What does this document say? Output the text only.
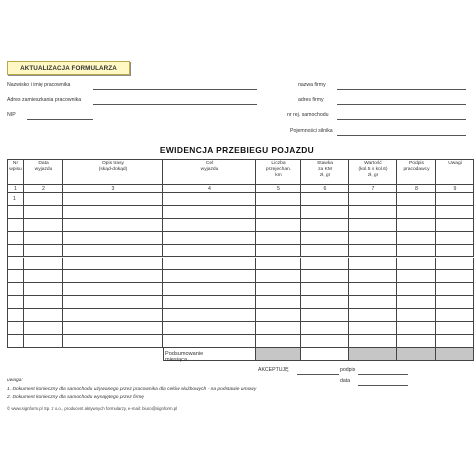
AKTUALIZACJA FORMULARZA
Nazwisko i imię pracownika
Adres zamieszkania pracownika
NIP
nazwa firmy
adres firmy
nr rej. samochodu
Pojemności silnika
EWIDENCJA PRZEBIEGU POJAZDU
Nr
wpisu
1
Data
wyjazdu
2
Opis trasy
(skąd-dokąd)
3
Cel
wyjazdu
4
Liczba
przejechan.
km
5
Stawka
za KM
zł, gr
6
Wartość
(kol.5 x kol.6)
zł, gr
7
Podpis
pracodawcy
8
Uwagi
9
1
Podsumowanie miesiąca
AKCEPTUJĘ	podpis
data
uwaga:
1. Dokument konieczny dla samochodu używanego przez pracownika dla celów służbowych - na podstawie umowy
2. Dokument konieczny dla samochodu wynajętego przez firmę
© www.signform.pl Sp. z o.o., producent aktywnych formularzy, e-mail: biuro@signform.pl
